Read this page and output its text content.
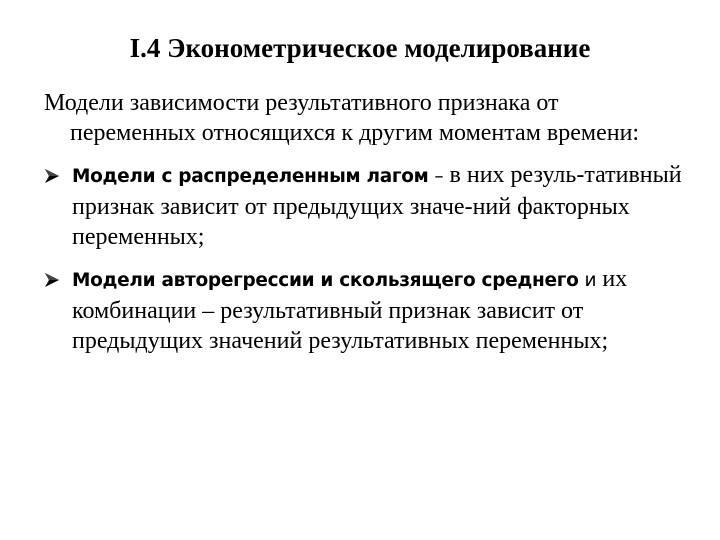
I.4 Эконометрическое моделирование

Модели зависимости результативного признака от переменных относящихся к другим моментам времени:

Модели с распределенным лагом – в них резуль-тативный признак зависит от предыдущих значе-ний факторных переменных;
Модели авторегрессии и скользящего среднего и их комбинации – результативный признак зависит от предыдущих значений результативных переменных;
